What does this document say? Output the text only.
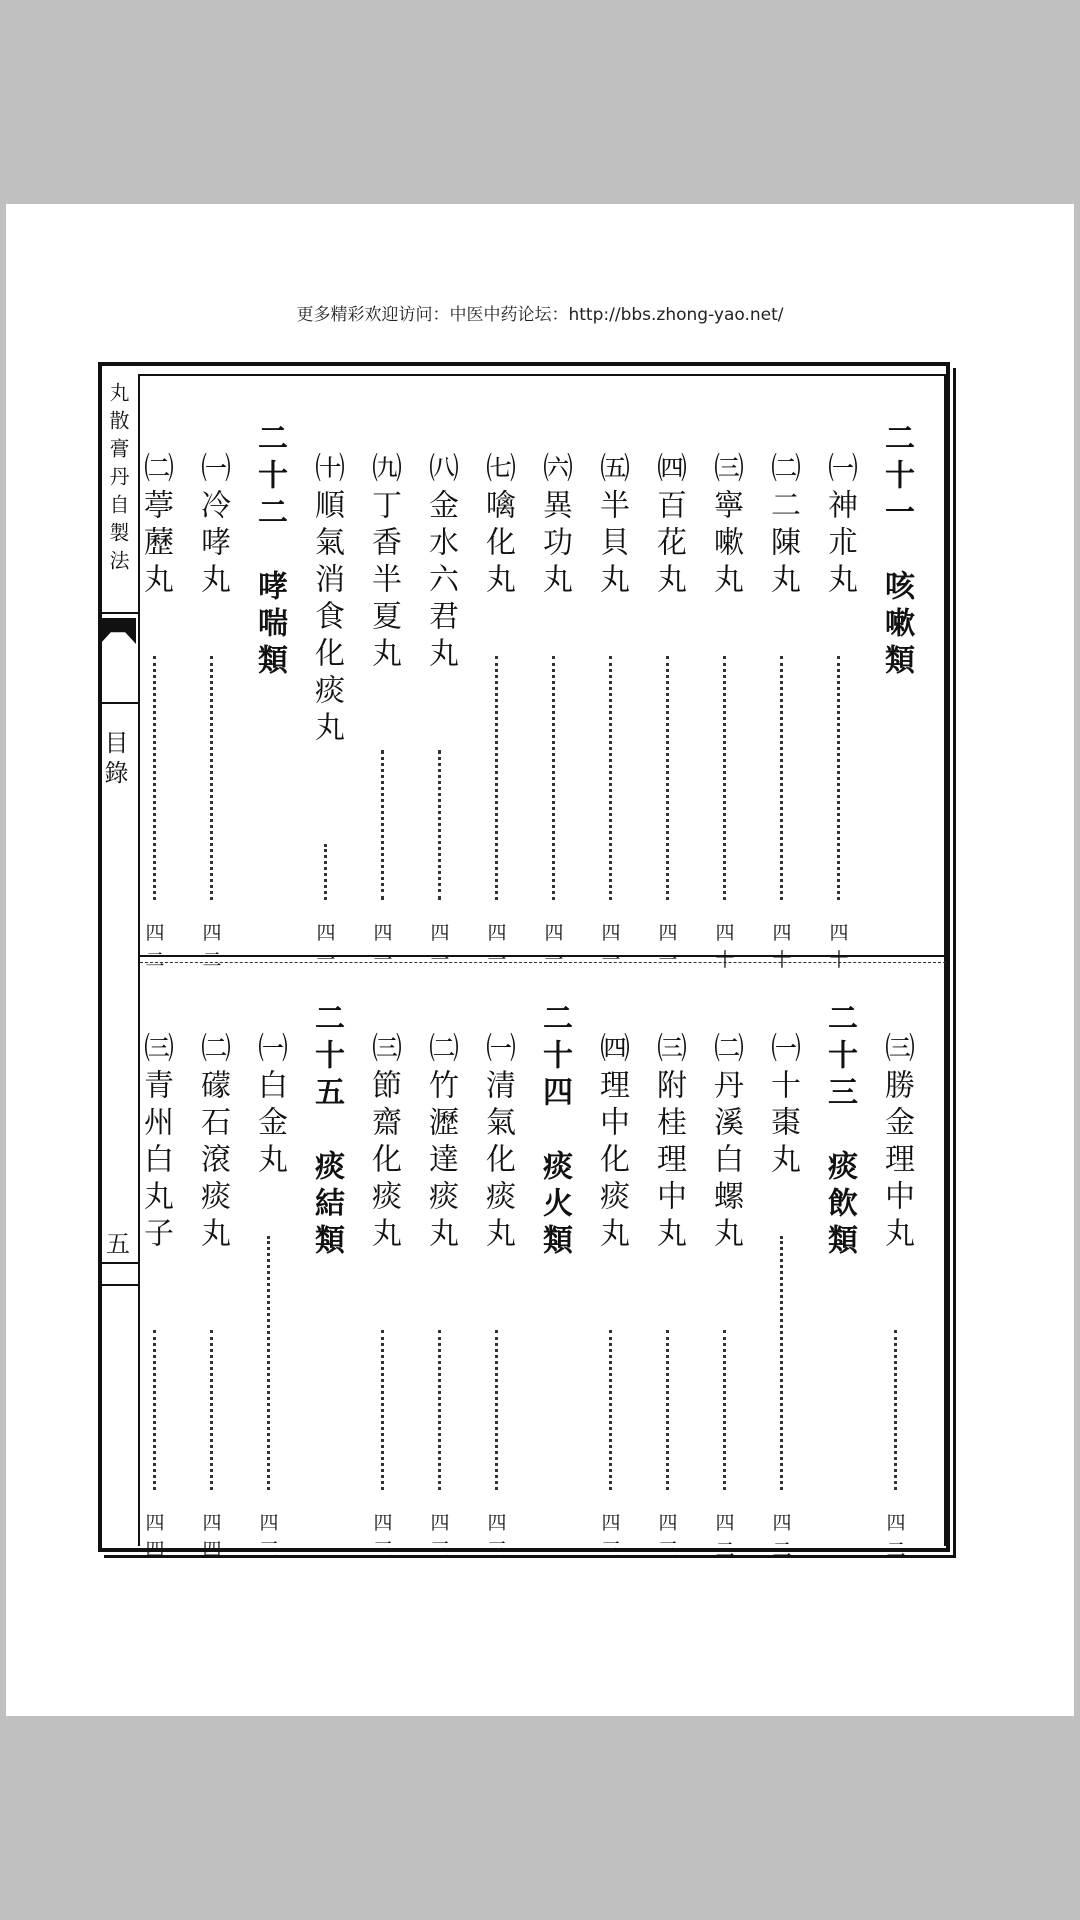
更多精彩欢迎访问：中医中药论坛：http://bbs.zhong-yao.net/
丸散膏丹自製法
目錄
五
二十一　咳嗽類
㈠神朮丸
四十
㈡二陳丸
四十
㈢寧嗽丸
四十
㈣百花丸
四一
㈤半貝丸
四一
㈥異功丸
四一
㈦噙化丸
四一
㈧金水六君丸
四一
㈨丁香半夏丸
四一
㈩順氣消食化痰丸
四一
二十二　哮喘類
㈠冷哮丸
四二
㈡葶藶丸
四二
㈢勝金理中丸
四二
二十三　痰飲類
㈠十棗丸
四二
㈡丹溪白螺丸
四二
㈢附桂理中丸
四三
㈣理中化痰丸
四三
二十四　痰火類
㈠清氣化痰丸
四三
㈡竹瀝達痰丸
四三
㈢節齋化痰丸
四三
二十五　痰結類
㈠白金丸
四三
㈡礞石滾痰丸
四四
㈢青州白丸子
四四
